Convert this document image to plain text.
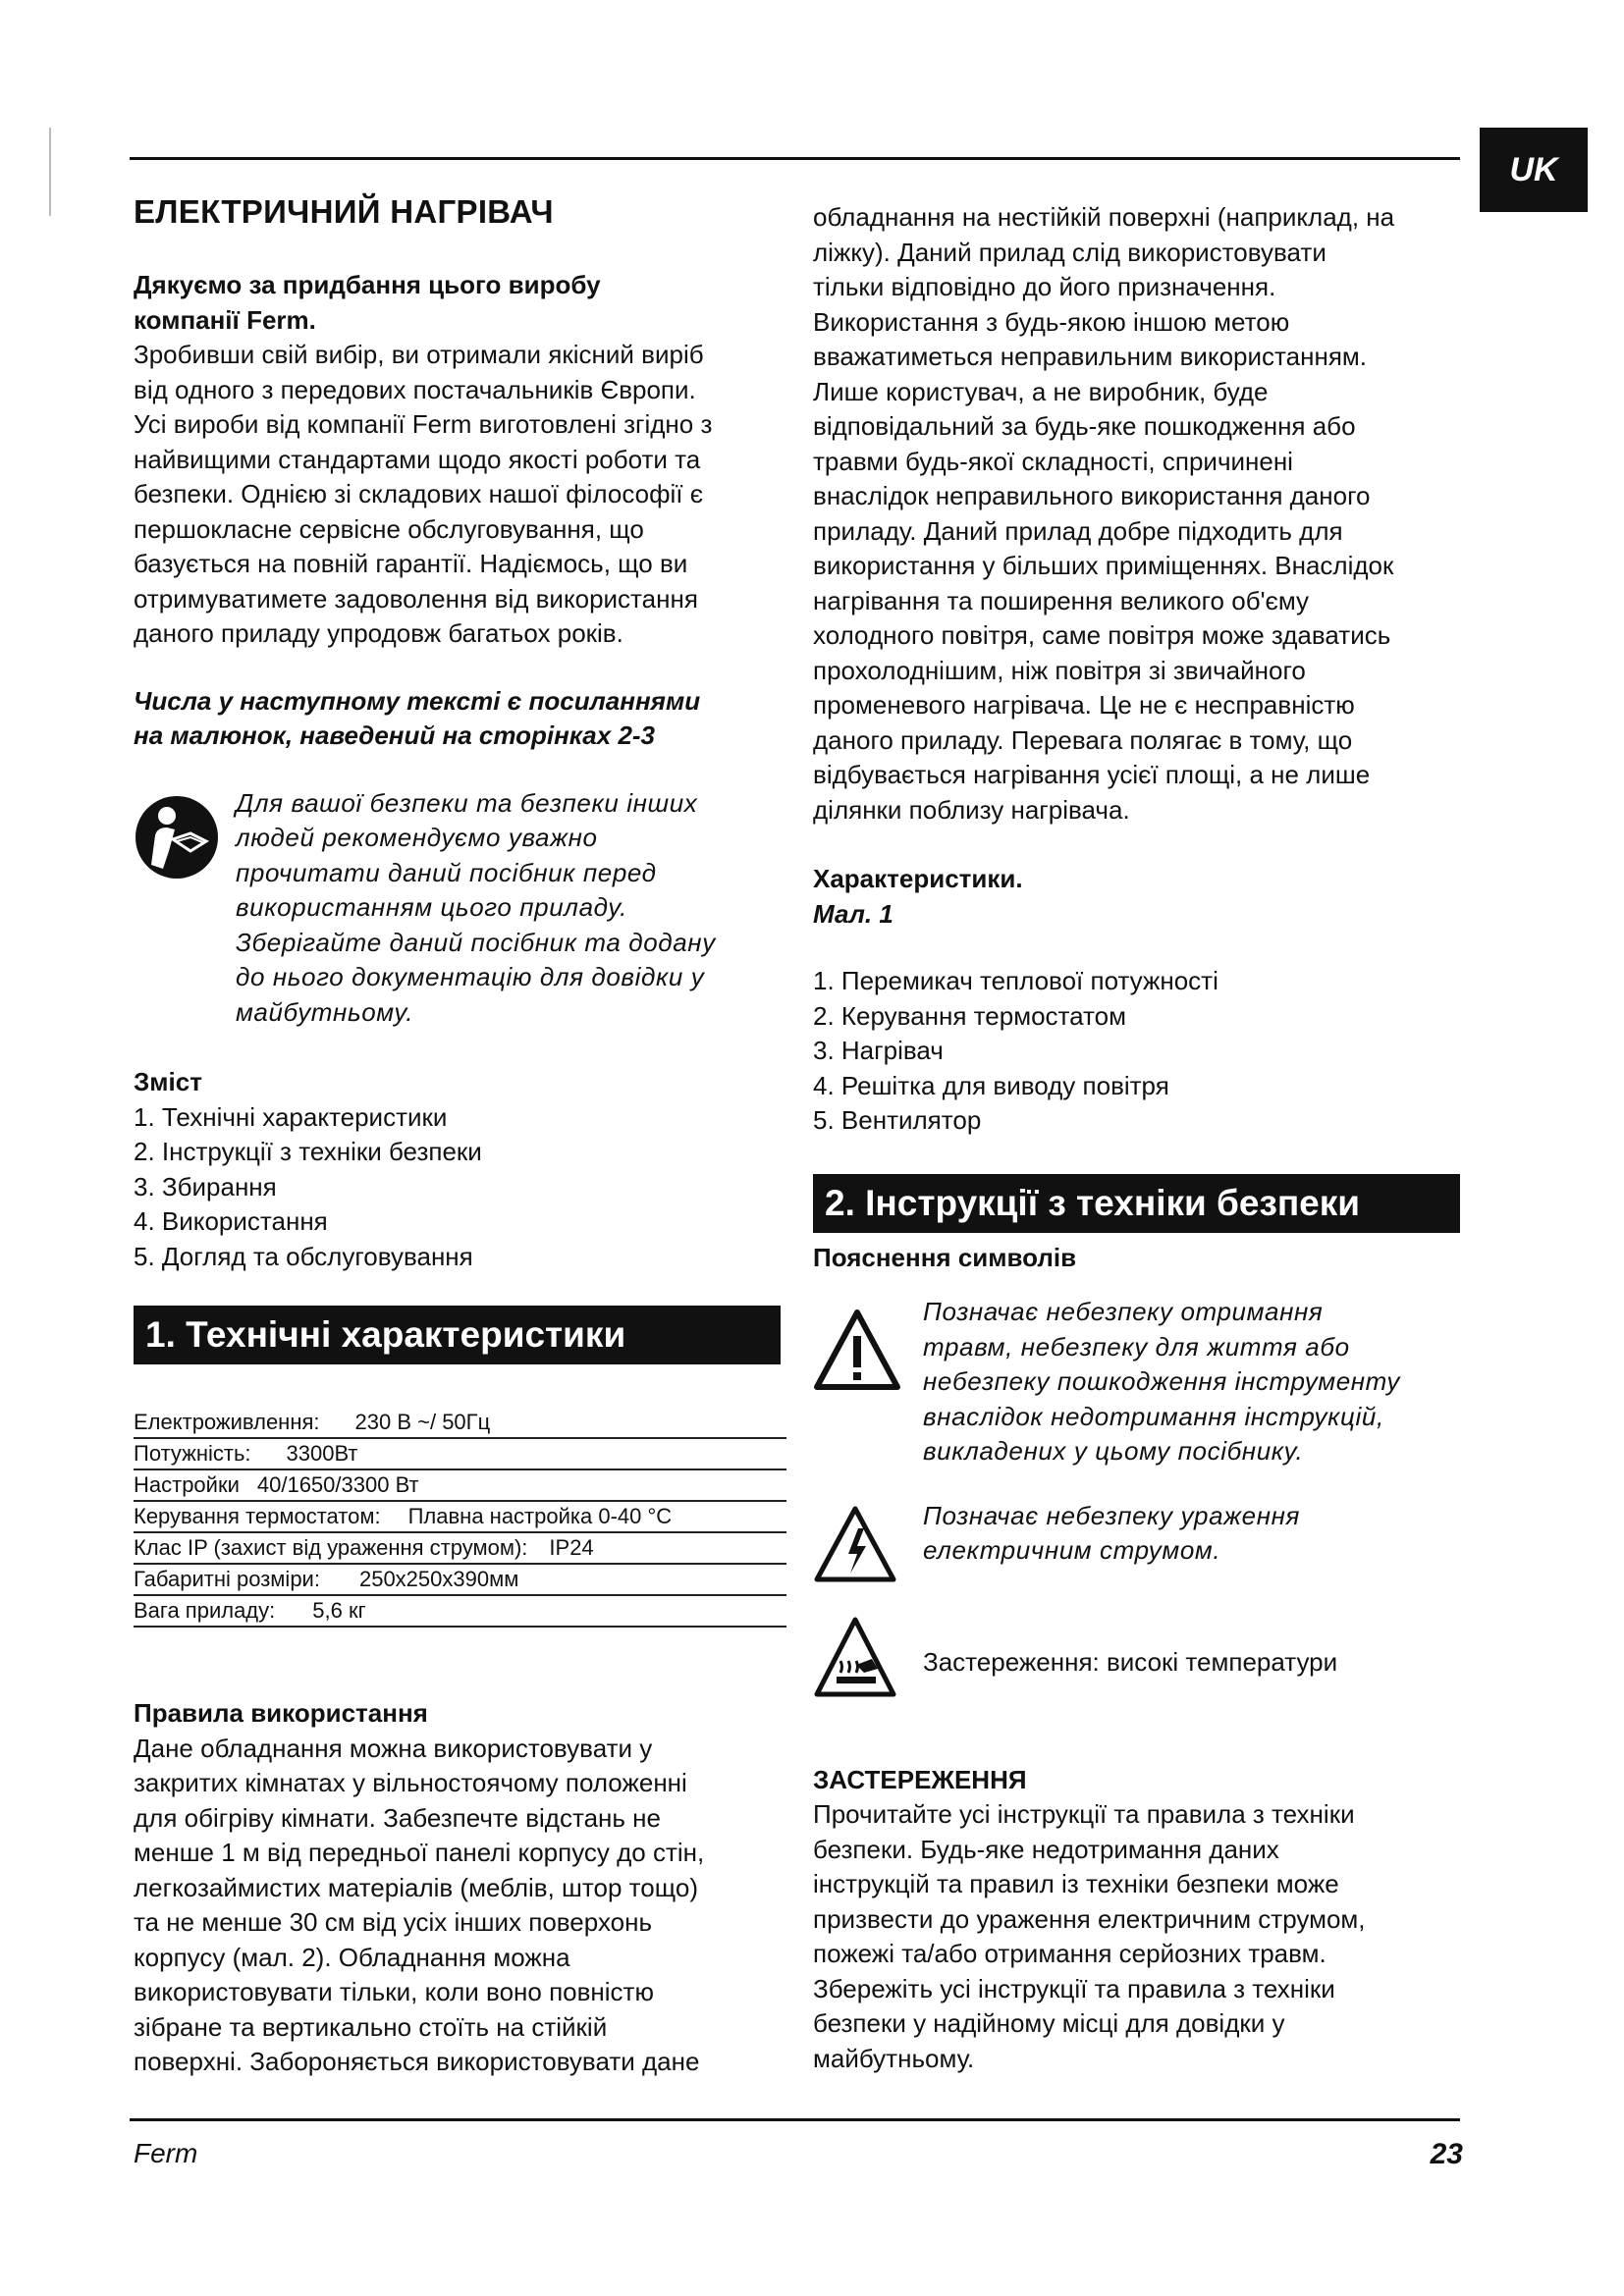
UK
ЕЛЕКТРИЧНИЙ НАГРІВАЧ
Дякуємо за придбання цього виробу
компанії Ferm.
Зробивши свій вибір, ви отримали якісний виріб
від одного з передових постачальників Європи.
Усі вироби від компанії Ferm виготовлені згідно з
найвищими стандартами щодо якості роботи та
безпеки. Однією зі складових нашої філософії є
першокласне сервісне обслуговування, що
базується на повній гарантії. Надіємось, що ви
отримуватимете задоволення від використання
даного приладу упродовж багатьох років.
Числа у наступному тексті є посиланнями
на малюнок, наведений на сторінках 2-3
Для вашої безпеки та безпеки інших
людей рекомендуємо уважно
прочитати даний посібник перед
використанням цього приладу.
Зберігайте даний посібник та додану
до нього документацію для довідки у
майбутньому.
Зміст
1. Технічні характеристики
2. Інструкції з техніки безпеки
3. Збирання
4. Використання
5. Догляд та обслуговування
1. Технічні характеристики
Електроживлення: 230 В ~/ 50Гц
Потужність: 3300Вт
Настройки 40/1650/3300 Вт
Керування термостатом: Плавна настройка 0-40 °C
Клас IP (захист від ураження струмом): IP24
Габаритні розміри: 250x250x390мм
Вага приладу: 5,6 кг
Правила використання
Дане обладнання можна використовувати у
закритих кімнатах у вільностоячому положенні
для обігріву кімнати. Забезпечте відстань не
менше 1 м від передньої панелі корпусу до стін,
легкозаймистих матеріалів (меблів, штор тощо)
та не менше 30 см від усіх інших поверхонь
корпусу (мал. 2). Обладнання можна
використовувати тільки, коли воно повністю
зібране та вертикально стоїть на стійкій
поверхні. Забороняється використовувати дане
обладнання на нестійкій поверхні (наприклад, на
ліжку). Даний прилад слід використовувати
тільки відповідно до його призначення.
Використання з будь-якою іншою метою
вважатиметься неправильним використанням.
Лише користувач, а не виробник, буде
відповідальний за будь-яке пошкодження або
травми будь-якої складності, спричинені
внаслідок неправильного використання даного
приладу. Даний прилад добре підходить для
використання у більших приміщеннях. Внаслідок
нагрівання та поширення великого об'єму
холодного повітря, саме повітря може здаватись
прохолоднішим, ніж повітря зі звичайного
променевого нагрівача. Це не є несправністю
даного приладу. Перевага полягає в тому, що
відбувається нагрівання усієї площі, а не лише
ділянки поблизу нагрівача.
Характеристики.
Мал. 1
1. Перемикач теплової потужності
2. Керування термостатом
3. Нагрівач
4. Решітка для виводу повітря
5. Вентилятор
2. Інструкції з техніки безпеки
Пояснення символів
Позначає небезпеку отримання
травм, небезпеку для життя або
небезпеку пошкодження інструменту
внаслідок недотримання інструкцій,
викладених у цьому посібнику.
Позначає небезпеку ураження
електричним струмом.
Застереження: високі температури
ЗАСТЕРЕЖЕННЯ
Прочитайте усі інструкції та правила з техніки
безпеки. Будь-яке недотримання даних
інструкцій та правил із техніки безпеки може
призвести до ураження електричним струмом,
пожежі та/або отримання серйозних травм.
Збережіть усі інструкції та правила з техніки
безпеки у надійному місці для довідки у
майбутньому.
Ferm	23
